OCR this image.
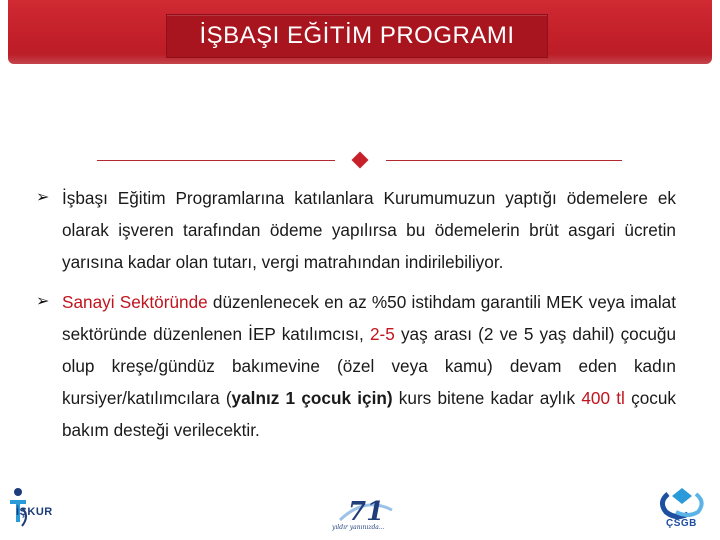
İŞBAŞI EĞİTİM PROGRAMI
➢ İşbaşı Eğitim Programlarına katılanlara Kurumumuzun yaptığı ödemelere ek olarak işveren tarafından ödeme yapılırsa bu ödemelerin brüt asgari ücretin yarısına kadar olan tutarı, vergi matrahından indirilebiliyor.
➢ Sanayi Sektöründe düzenlenecek en az %50 istihdam garantili MEK veya imalat sektöründe düzenlenen İEP katılımcısı, 2-5 yaş arası (2 ve 5 yaş dahil) çocuğu olup kreşe/gündüz bakımevine (özel veya kamu) devam eden kadın kursiyer/katılımcılara (yalnız 1 çocuk için) kurs bitene kadar aylık 400 tl çocuk bakım desteği verilecektir.
İŞKUR	71
yıldır yanınızda...	ÇSGB
